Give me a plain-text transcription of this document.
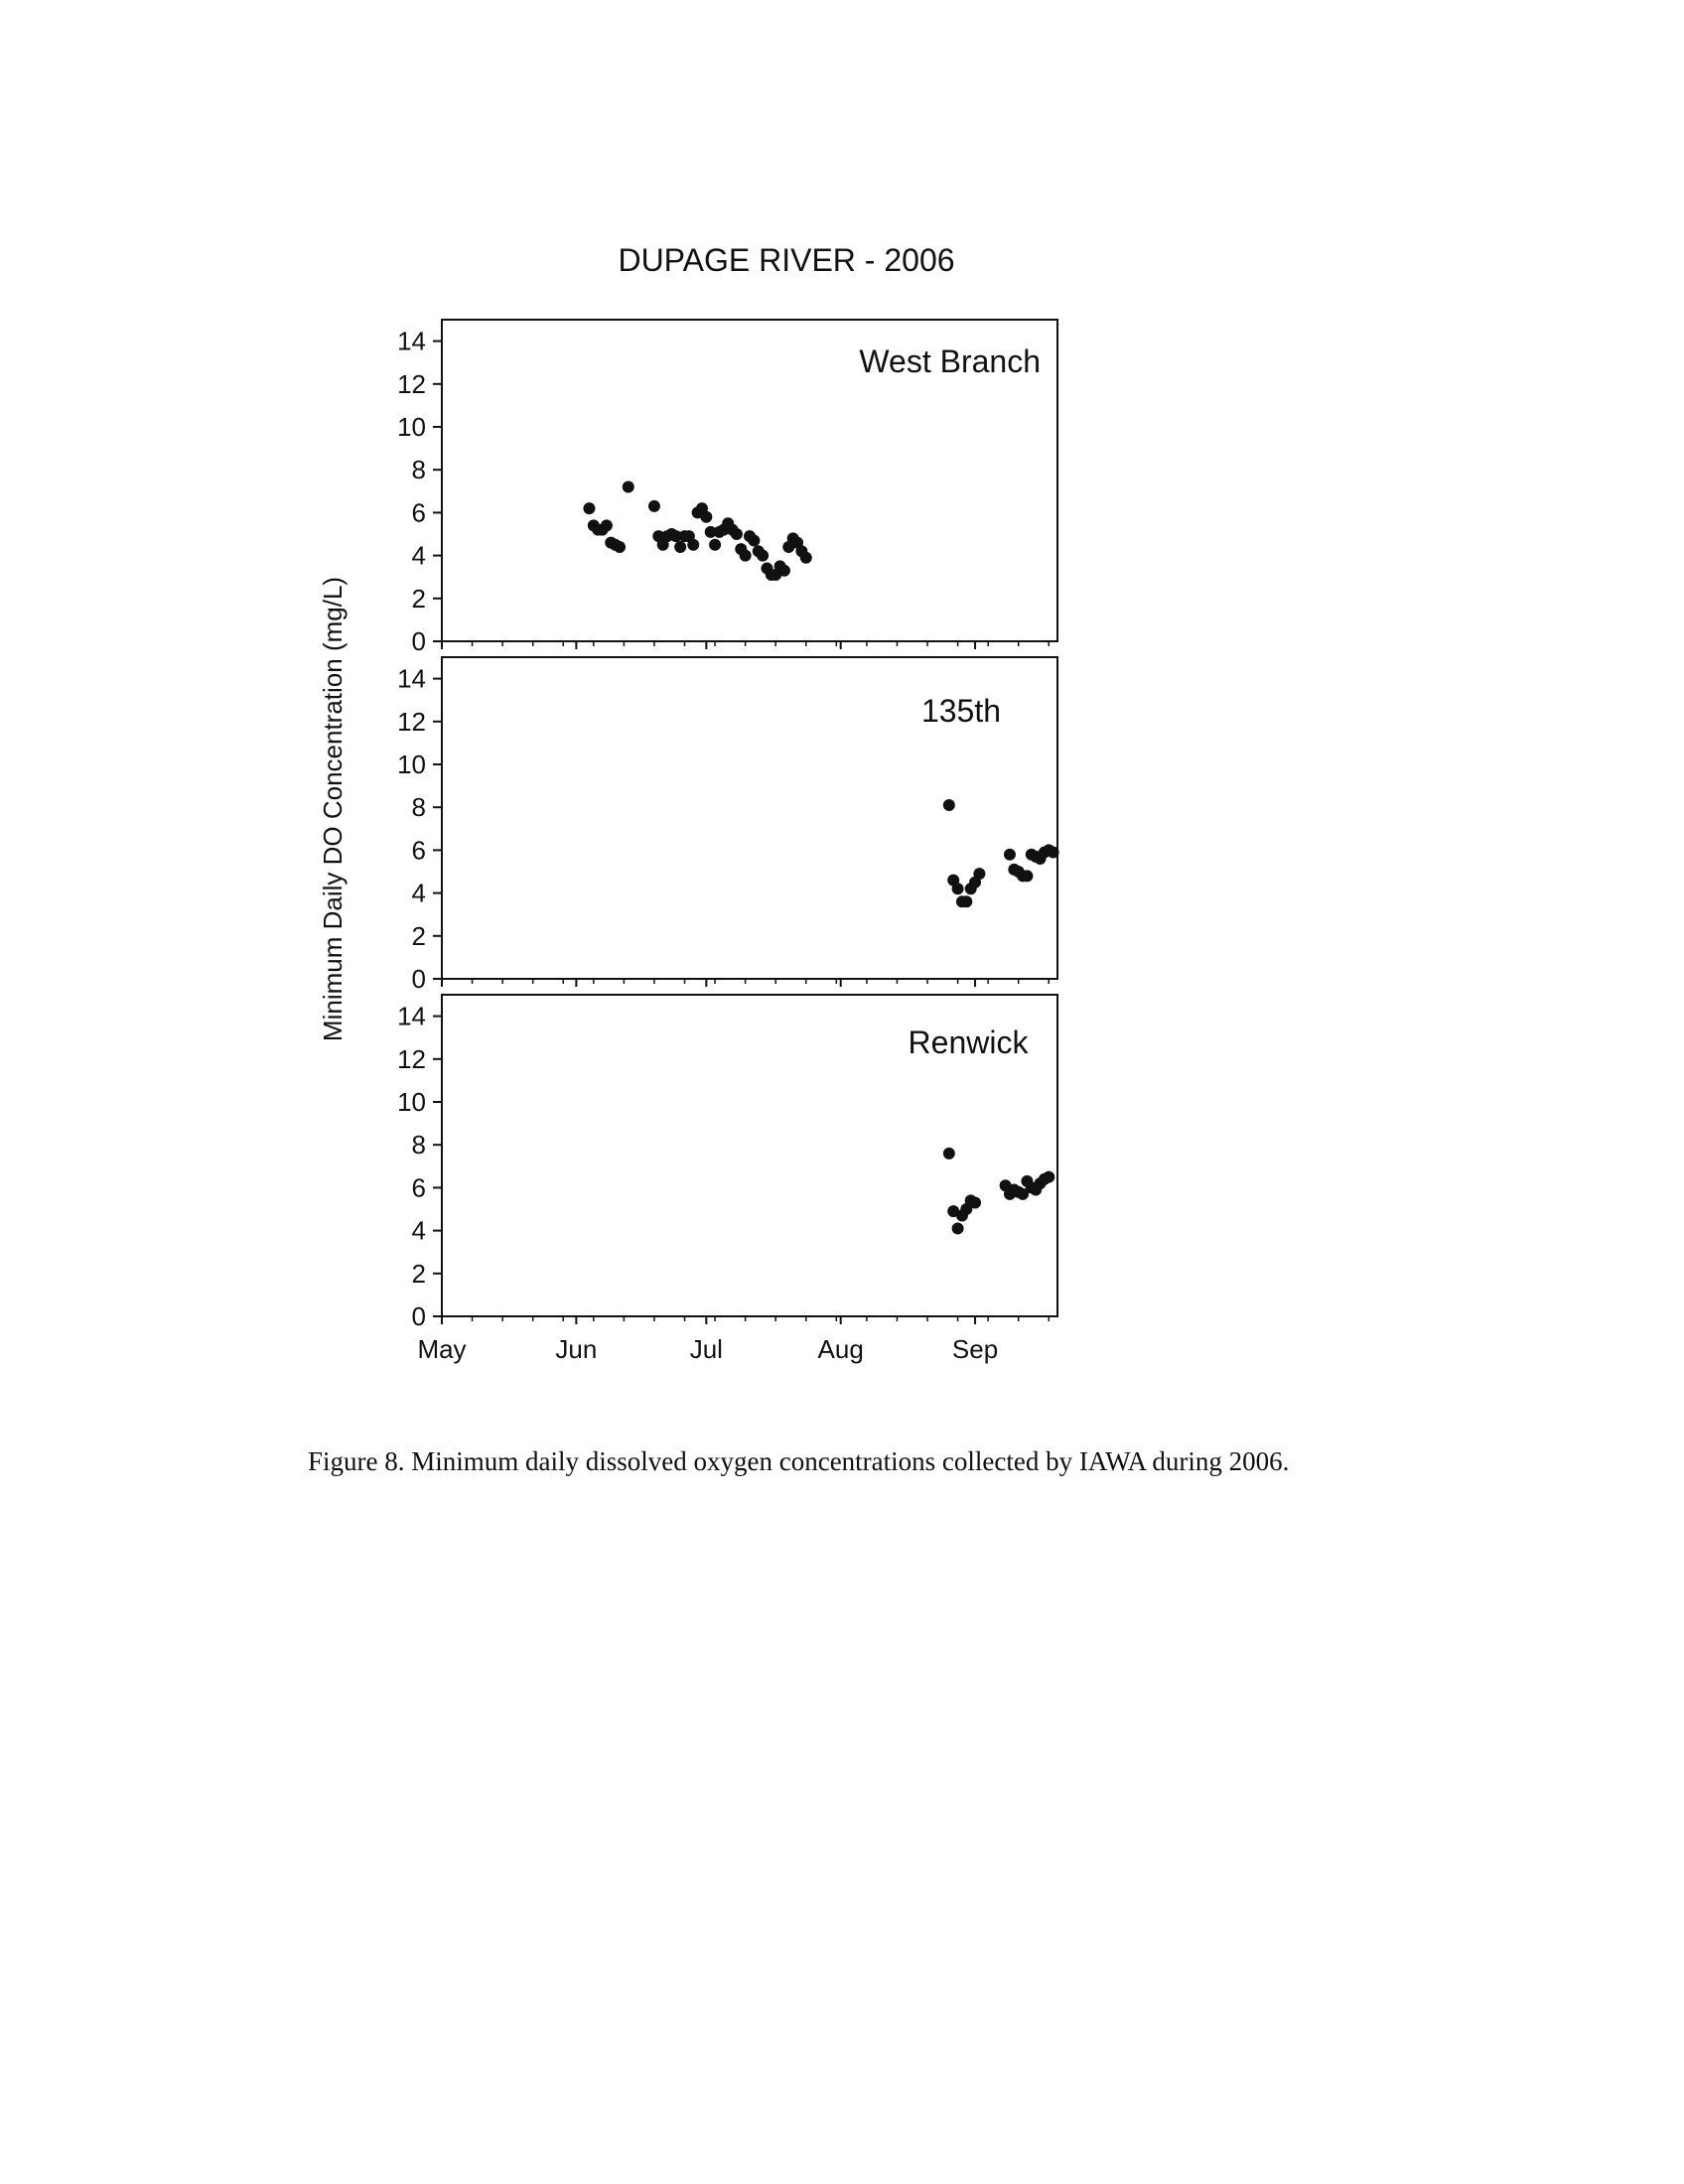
DUPAGE RIVER - 2006
Minimum Daily DO Concentration (mg/L) 0
2
4
6
8
10
12
14
West Branch
0
2
4
6
8
10
12
14
135th
0
2
4
6
8
10
12
14
Renwick
May	Jun	Jul	Aug	Sep
Figure 8. Minimum daily dissolved oxygen concentrations collected by IAWA during 2006.
